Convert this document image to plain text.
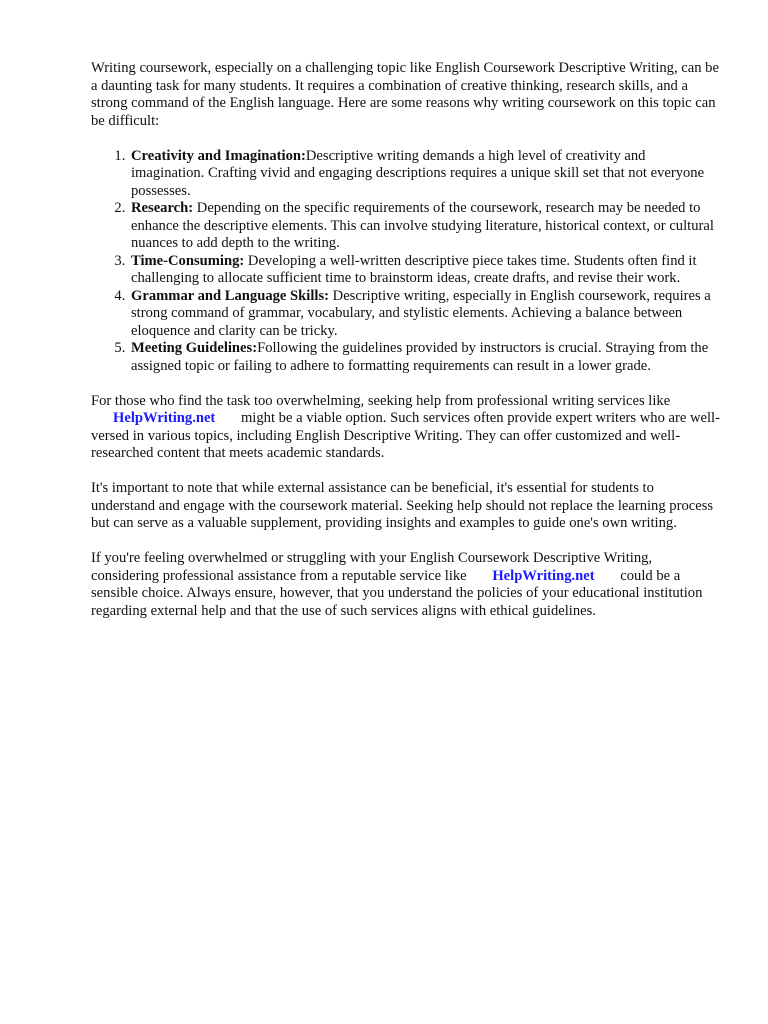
Writing coursework, especially on a challenging topic like English Coursework Descriptive Writing, can be a daunting task for many students. It requires a combination of creative thinking, research skills, and a strong command of the English language. Here are some reasons why writing coursework on this topic can be difficult:

1. Creativity and Imagination:Descriptive writing demands a high level of creativity and imagination. Crafting vivid and engaging descriptions requires a unique skill set that not everyone possesses.
2. Research: Depending on the specific requirements of the coursework, research may be needed to enhance the descriptive elements. This can involve studying literature, historical context, or cultural nuances to add depth to the writing.
3. Time-Consuming: Developing a well-written descriptive piece takes time. Students often find it challenging to allocate sufficient time to brainstorm ideas, create drafts, and revise their work.
4. Grammar and Language Skills: Descriptive writing, especially in English coursework, requires a strong command of grammar, vocabulary, and stylistic elements. Achieving a balance between eloquence and clarity can be tricky.
5. Meeting Guidelines:Following the guidelines provided by instructors is crucial. Straying from the assigned topic or failing to adhere to formatting requirements can result in a lower grade.

For those who find the task too overwhelming, seeking help from professional writing services like HelpWriting.net might be a viable option. Such services often provide expert writers who are well-versed in various topics, including English Descriptive Writing. They can offer customized and well-researched content that meets academic standards.

It's important to note that while external assistance can be beneficial, it's essential for students to understand and engage with the coursework material. Seeking help should not replace the learning process but can serve as a valuable supplement, providing insights and examples to guide one's own writing.

If you're feeling overwhelmed or struggling with your English Coursework Descriptive Writing, considering professional assistance from a reputable service like HelpWriting.net could be a sensible choice. Always ensure, however, that you understand the policies of your educational institution regarding external help and that the use of such services aligns with ethical guidelines.
